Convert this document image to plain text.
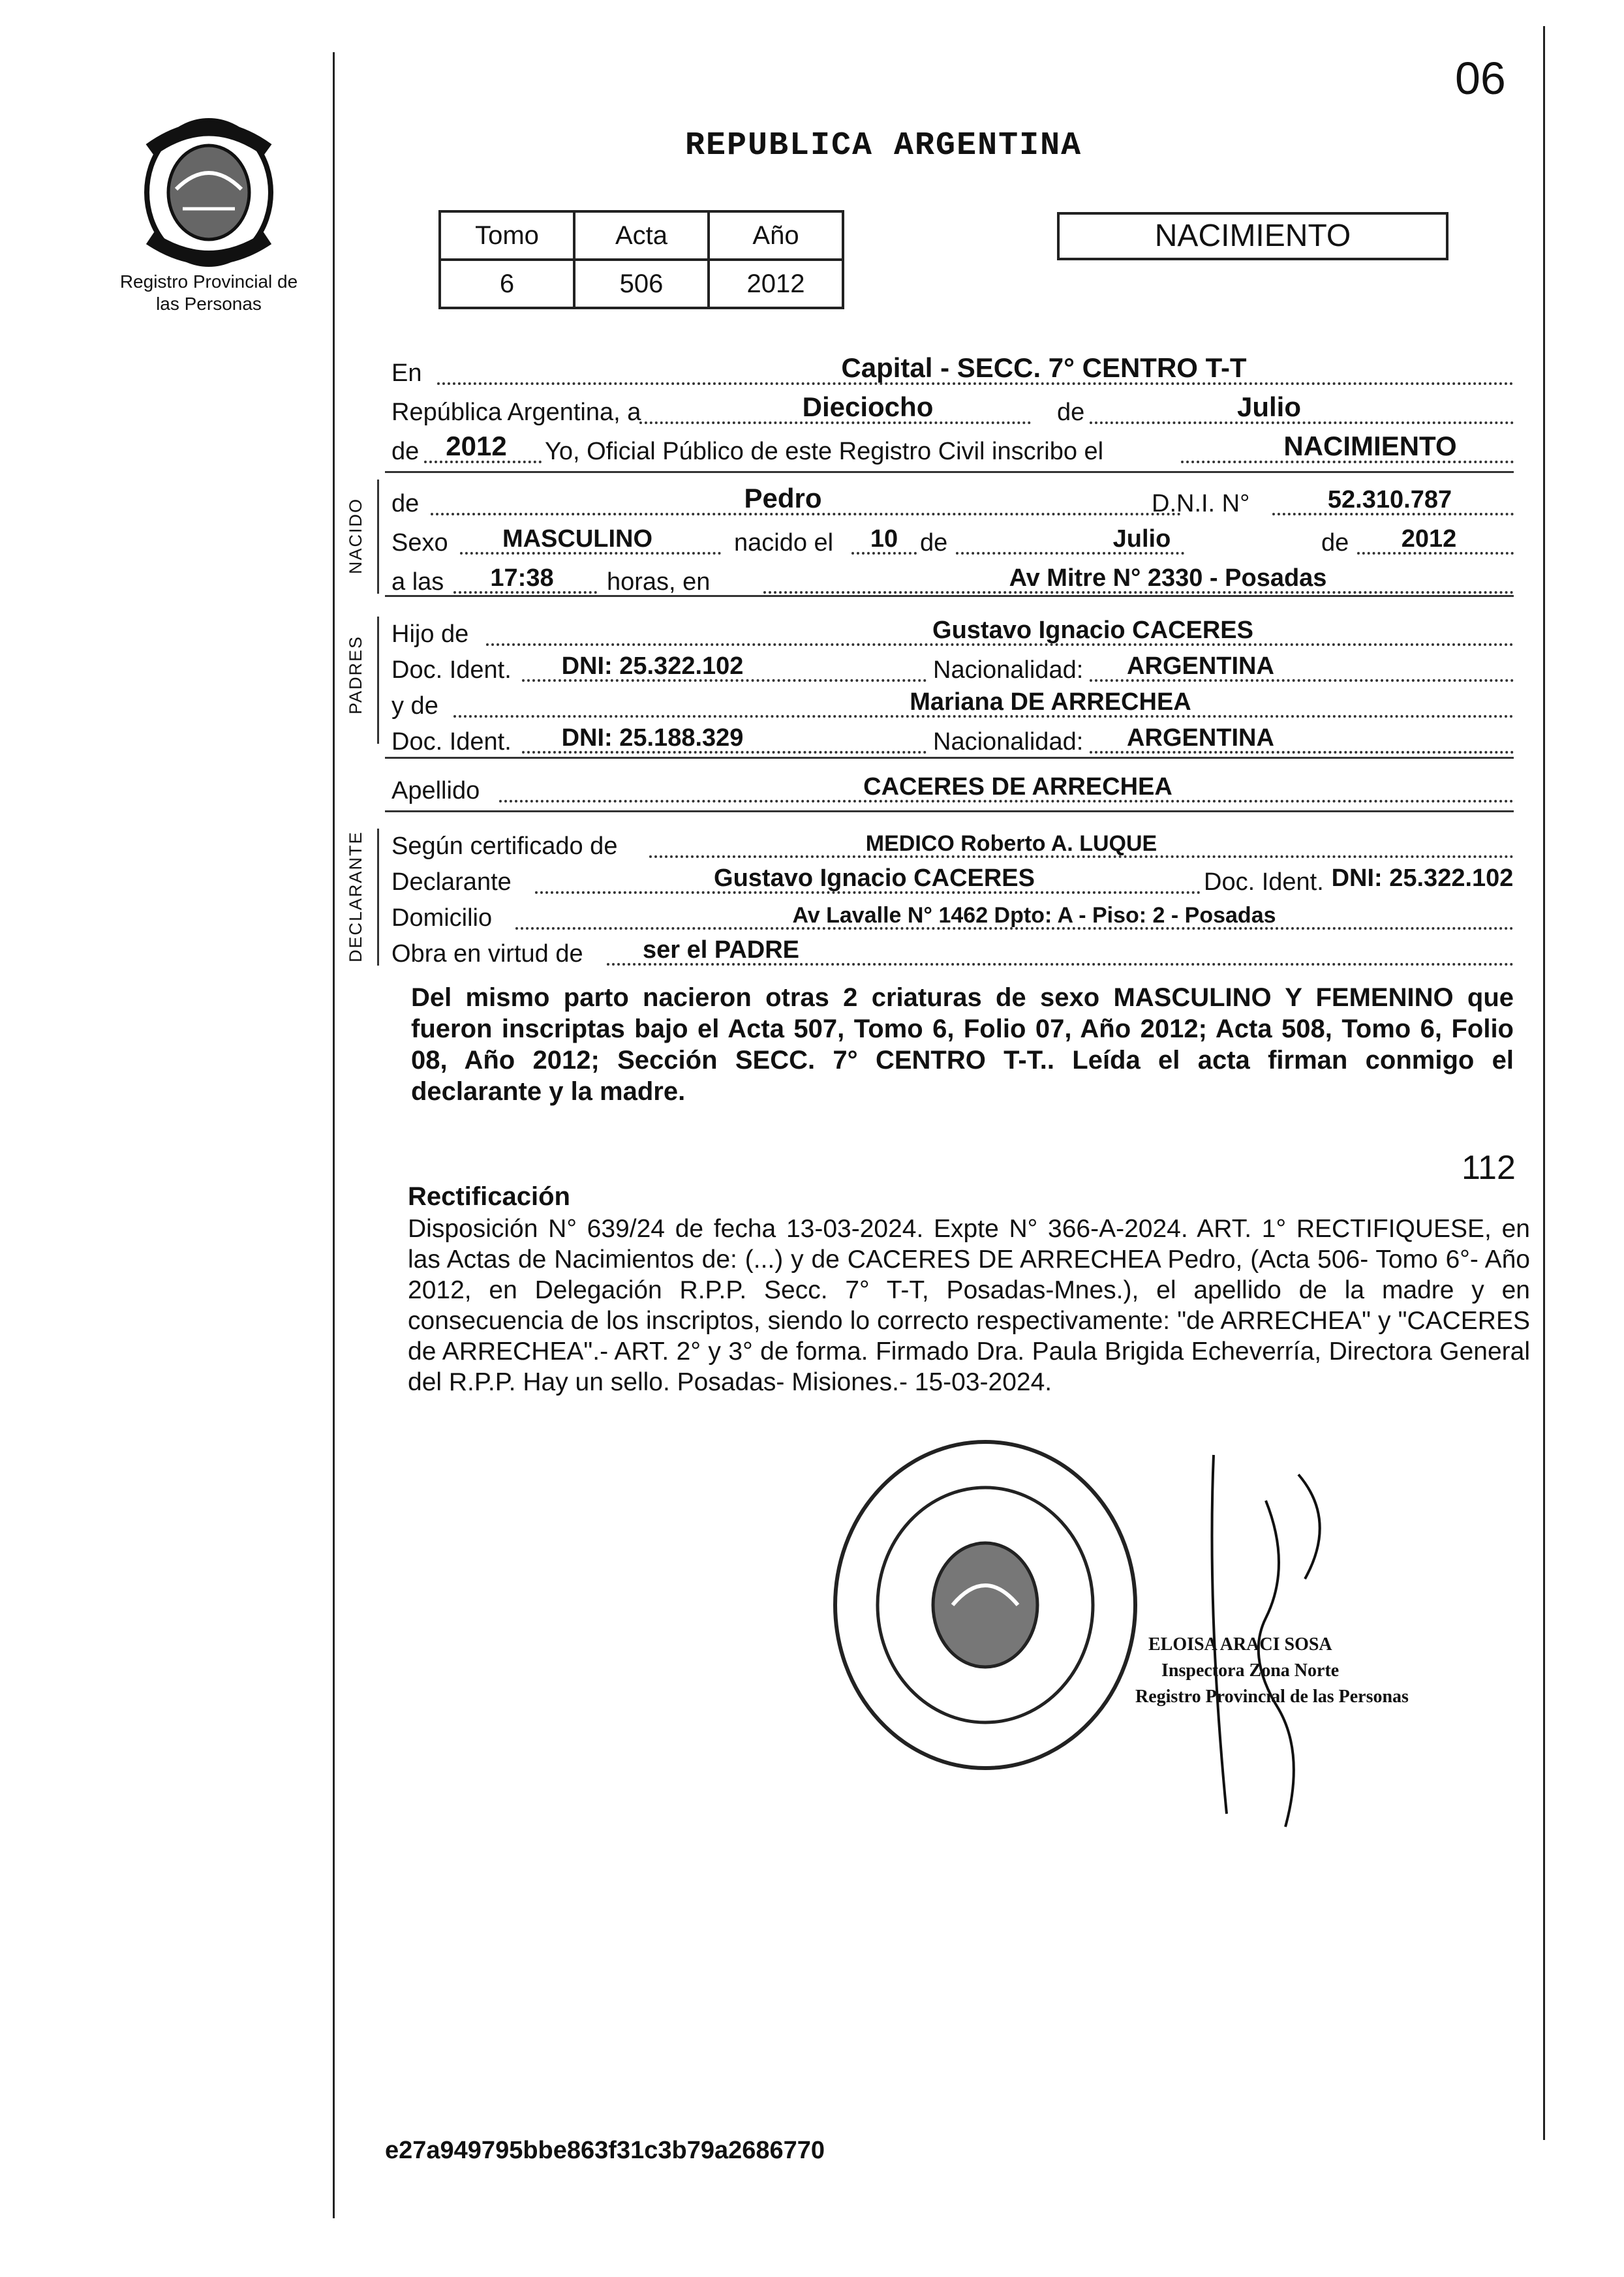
Registro Provincial de las Personas
06
REPUBLICA ARGENTINA
Tomo	Acta	Año
6	506	2012
NACIMIENTO
En	Capital - SECC. 7° CENTRO T-T
República Argentina, a	Dieciocho	de	Julio
de 2012 Yo, Oficial Público de este Registro Civil inscribo el	NACIMIENTO
NACIDO de	Pedro	D.N.I. N°	52.310.787
Sexo MASCULINO	nacido el 10 de	Julio	de 2012
a las 17:38 horas, en	Av Mitre N° 2330 - Posadas
PADRES
Hijo de	Gustavo Ignacio CACERES
Doc. Ident. DNI: 25.322.102	Nacionalidad: ARGENTINA
y de	Mariana DE ARRECHEA
Doc. Ident. DNI: 25.188.329	Nacionalidad: ARGENTINA
Apellido	CACERES DE ARRECHEA
DECLARANTE Según certificado de	MEDICO Roberto A. LUQUE
Declarante	Gustavo Ignacio CACERES	Doc. Ident. DNI: 25.322.102
Domicilio	Av Lavalle N° 1462 Dpto: A - Piso: 2 - Posadas
Obra en virtud de ser el PADRE
Del mismo parto nacieron otras 2 criaturas de sexo MASCULINO Y FEMENINO que fueron inscriptas bajo el Acta 507, Tomo 6, Folio 07, Año 2012; Acta 508, Tomo 6, Folio 08, Año 2012; Sección SECC. 7° CENTRO T-T.. Leída el acta firman conmigo el declarante y la madre.
112
Rectificación
Disposición N° 639/24 de fecha 13-03-2024. Expte N° 366-A-2024. ART. 1° RECTIFIQUESE, en las Actas de Nacimientos de: (...) y de CACERES DE ARRECHEA Pedro, (Acta 506- Tomo 6°- Año 2012, en Delegación R.P.P. Secc. 7° T-T, Posadas-Mnes.), el apellido de la madre y en consecuencia de los inscriptos, siendo lo correcto respectivamente: "de ARRECHEA" y "CACERES de ARRECHEA".- ART. 2° y 3° de forma. Firmado Dra. Paula Brigida Echeverría, Directora General del R.P.P. Hay un sello. Posadas- Misiones.- 15-03-2024.
ELOISA ARACI SOSA
Inspectora Zona Norte
Registro Provincial de las Personas
e27a949795bbe863f31c3b79a2686770
